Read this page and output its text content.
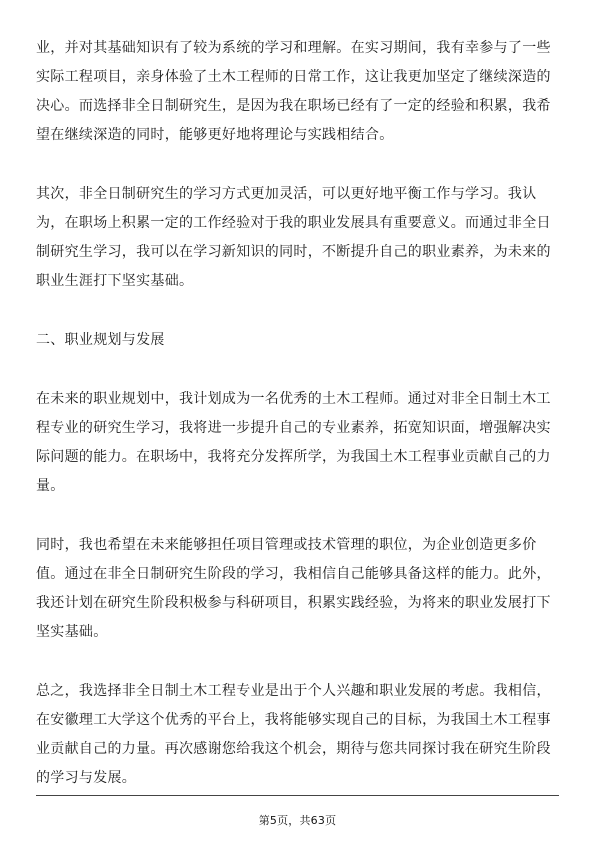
业，并对其基础知识有了较为系统的学习和理解。在实习期间，我有幸参与了一些
实际工程项目，亲身体验了土木工程师的日常工作，这让我更加坚定了继续深造的
决心。而选择非全日制研究生，是因为我在职场已经有了一定的经验和积累，我希
望在继续深造的同时，能够更好地将理论与实践相结合。

其次，非全日制研究生的学习方式更加灵活，可以更好地平衡工作与学习。我认
为，在职场上积累一定的工作经验对于我的职业发展具有重要意义。而通过非全日
制研究生学习，我可以在学习新知识的同时，不断提升自己的职业素养，为未来的
职业生涯打下坚实基础。

二、职业规划与发展

在未来的职业规划中，我计划成为一名优秀的土木工程师。通过对非全日制土木工
程专业的研究生学习，我将进一步提升自己的专业素养，拓宽知识面，增强解决实
际问题的能力。在职场中，我将充分发挥所学，为我国土木工程事业贡献自己的力
量。

同时，我也希望在未来能够担任项目管理或技术管理的职位，为企业创造更多价
值。通过在非全日制研究生阶段的学习，我相信自己能够具备这样的能力。此外，
我还计划在研究生阶段积极参与科研项目，积累实践经验，为将来的职业发展打下
坚实基础。

总之，我选择非全日制土木工程专业是出于个人兴趣和职业发展的考虑。我相信，
在安徽理工大学这个优秀的平台上，我将能够实现自己的目标，为我国土木工程事
业贡献自己的力量。再次感谢您给我这个机会，期待与您共同探讨我在研究生阶段
的学习与发展。

第5页，共63页
